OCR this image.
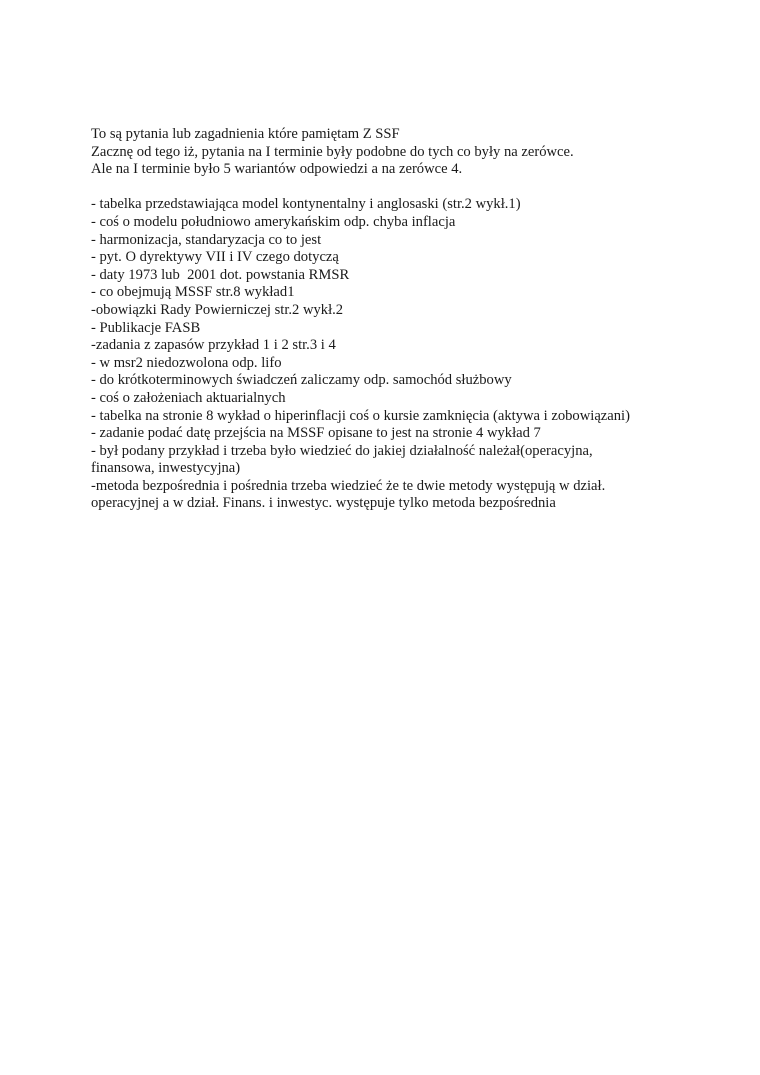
To są pytania lub zagadnienia które pamiętam Z SSF

Zacznę od tego iż, pytania na I terminie były podobne do tych co były na zerówce.

Ale na I terminie było 5 wariantów odpowiedzi a na zerówce 4.

- tabelka przedstawiająca model kontynentalny i anglosaski (str.2 wykł.1)

- coś o modelu południowo amerykańskim odp. chyba inflacja

- harmonizacja, standaryzacja co to jest

- pyt. O dyrektywy VII i IV czego dotyczą

- daty 1973 lub  2001 dot. powstania RMSR

- co obejmują MSSF str.8 wykład1

-obowiązki Rady Powierniczej str.2 wykł.2

- Publikacje FASB

-zadania z zapasów przykład 1 i 2 str.3 i 4

- w msr2 niedozwolona odp. lifo

- do krótkoterminowych świadczeń zaliczamy odp. samochód służbowy

- coś o założeniach aktuarialnych

- tabelka na stronie 8 wykład o hiperinflacji coś o kursie zamknięcia (aktywa i zobowiązani)

- zadanie podać datę przejścia na MSSF opisane to jest na stronie 4 wykład 7

- był podany przykład i trzeba było wiedzieć do jakiej działalność należał(operacyjna,

finansowa, inwestycyjna)

-metoda bezpośrednia i pośrednia trzeba wiedzieć że te dwie metody występują w dział.

operacyjnej a w dział. Finans. i inwestyc. występuje tylko metoda bezpośrednia
